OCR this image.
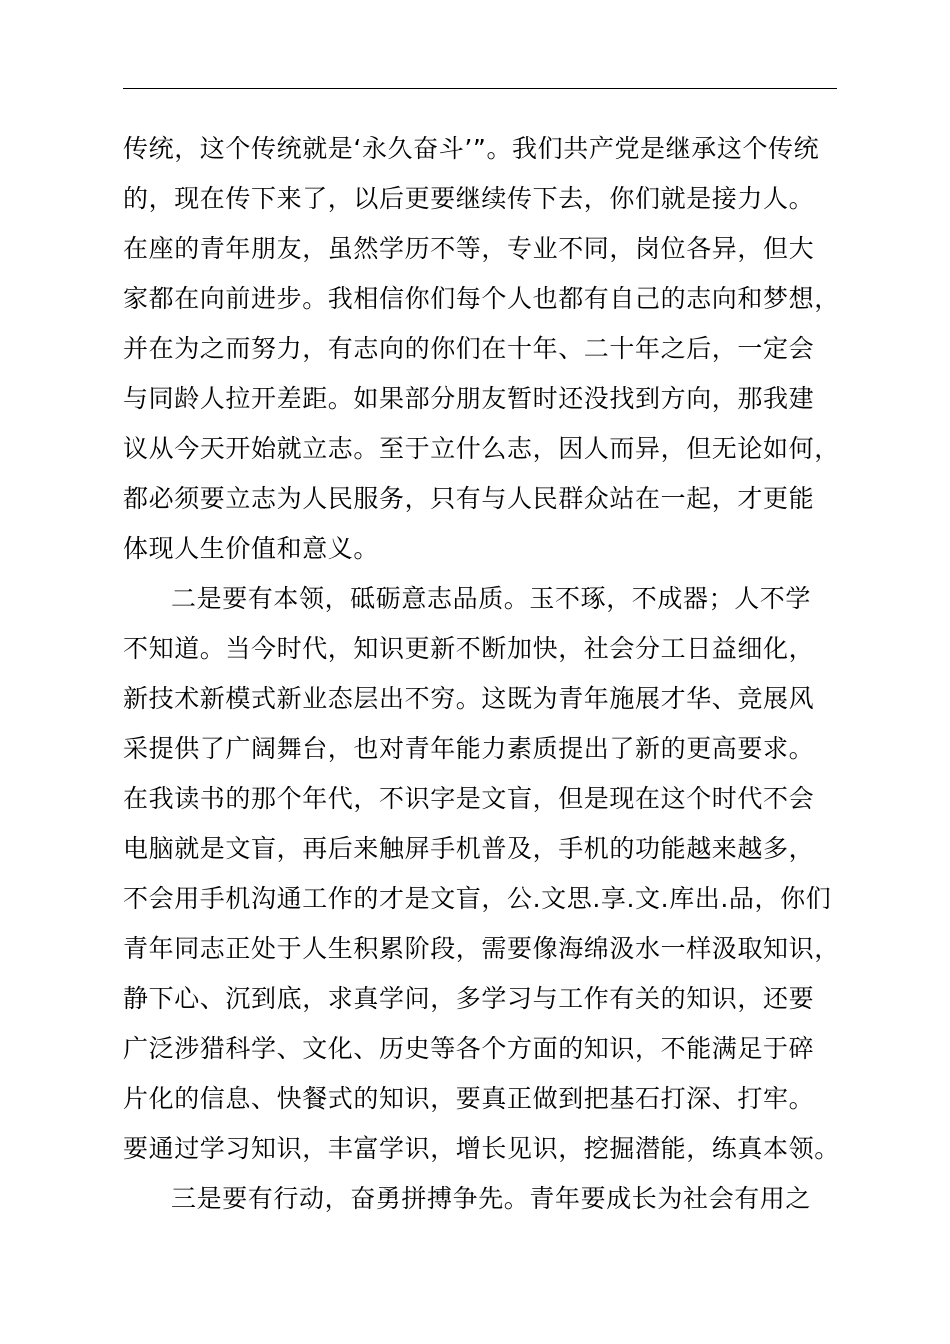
传统，这个传统就是‘永久奋斗’”。我们共产党是继承这个传统
的，现在传下来了，以后更要继续传下去，你们就是接力人。
在座的青年朋友，虽然学历不等，专业不同，岗位各异，但大
家都在向前进步。我相信你们每个人也都有自己的志向和梦想，
并在为之而努力，有志向的你们在十年、二十年之后，一定会
与同龄人拉开差距。如果部分朋友暂时还没找到方向，那我建
议从今天开始就立志。至于立什么志，因人而异，但无论如何，
都必须要立志为人民服务，只有与人民群众站在一起，才更能
体现人生价值和意义。
二是要有本领，砥砺意志品质。玉不琢，不成器；人不学
不知道。当今时代，知识更新不断加快，社会分工日益细化，
新技术新模式新业态层出不穷。这既为青年施展才华、竞展风
采提供了广阔舞台，也对青年能力素质提出了新的更高要求。
在我读书的那个年代，不识字是文盲，但是现在这个时代不会
电脑就是文盲，再后来触屏手机普及，手机的功能越来越多，
不会用手机沟通工作的才是文盲，公.文思.享.文.库出.品，你们
青年同志正处于人生积累阶段，需要像海绵汲水一样汲取知识，
静下心、沉到底，求真学问，多学习与工作有关的知识，还要
广泛涉猎科学、文化、历史等各个方面的知识，不能满足于碎
片化的信息、快餐式的知识，要真正做到把基石打深、打牢。
要通过学习知识，丰富学识，增长见识，挖掘潜能，练真本领。
三是要有行动，奋勇拼搏争先。青年要成长为社会有用之
